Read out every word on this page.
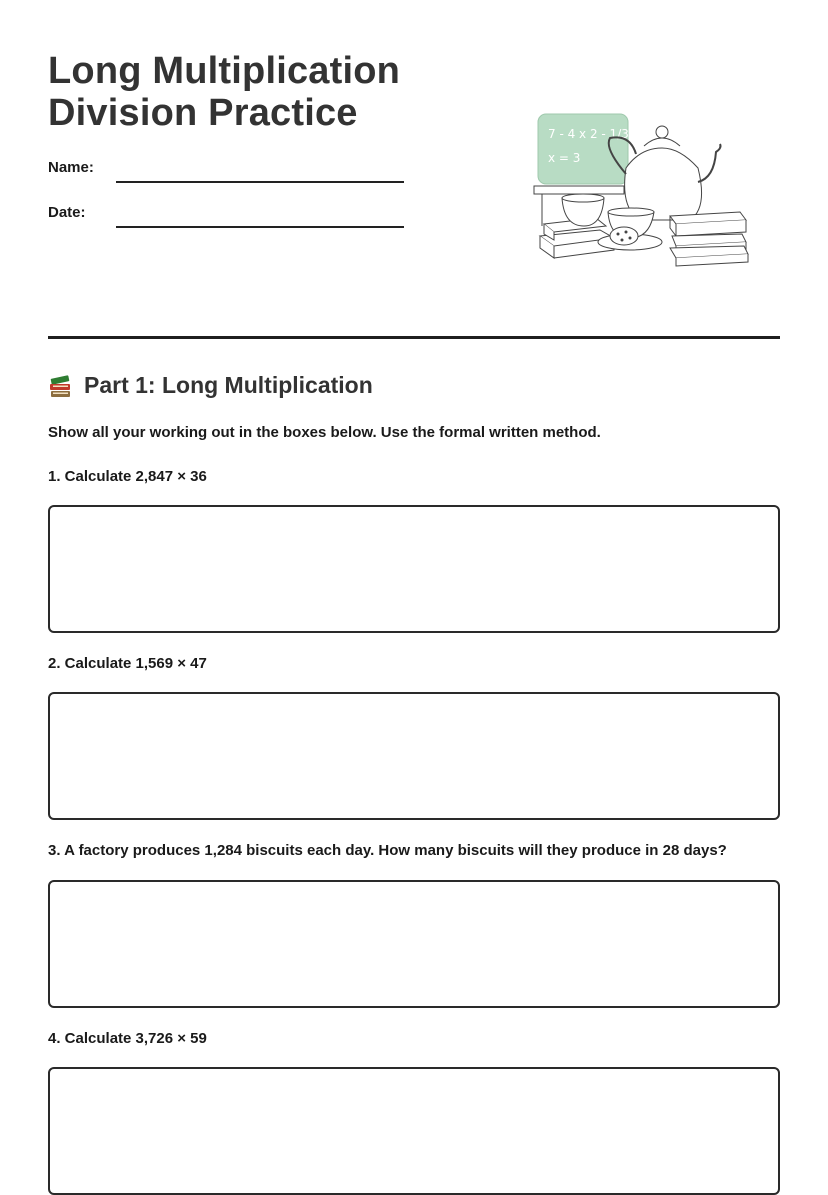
Long Multiplication
Division Practice
Name:
Date:
7 - 4 x 2 - 1/3
x = 3
Part 1: Long Multiplication
Show all your working out in the boxes below. Use the formal written method.
1. Calculate 2,847 × 36
2. Calculate 1,569 × 47
3. A factory produces 1,284 biscuits each day. How many biscuits will they produce in 28 days?
4. Calculate 3,726 × 59
